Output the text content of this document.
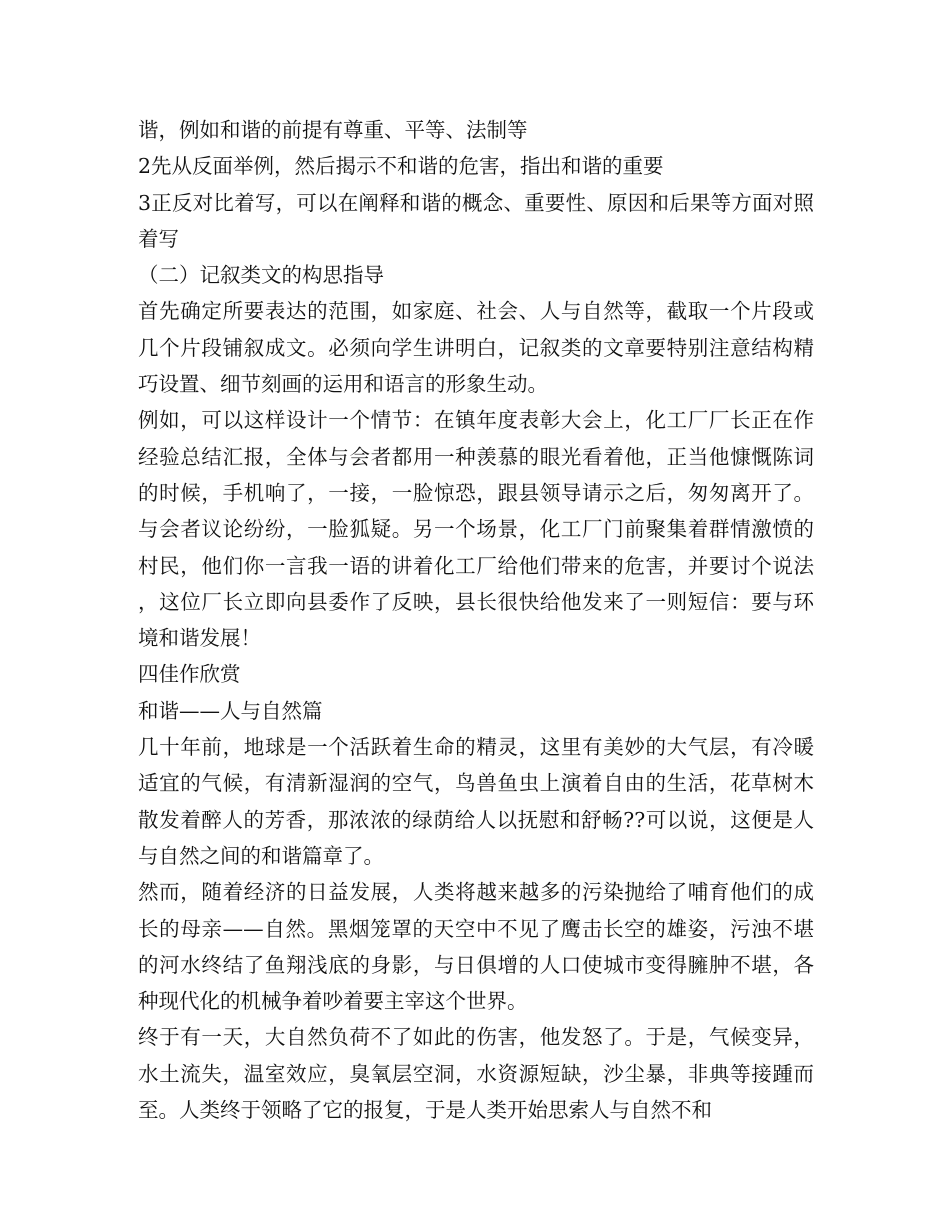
谐，例如和谐的前提有尊重、平等、法制等

2先从反面举例，然后揭示不和谐的危害，指出和谐的重要

3正反对比着写，可以在阐释和谐的概念、重要性、原因和后果等方面对照着写

（二）记叙类文的构思指导

首先确定所要表达的范围，如家庭、社会、人与自然等，截取一个片段或几个片段铺叙成文。必须向学生讲明白，记叙类的文章要特别注意结构精巧设置、细节刻画的运用和语言的形象生动。

例如，可以这样设计一个情节：在镇年度表彰大会上，化工厂厂长正在作经验总结汇报，全体与会者都用一种羡慕的眼光看着他，正当他慷慨陈词的时候，手机响了，一接，一脸惊恐，跟县领导请示之后，匆匆离开了。与会者议论纷纷，一脸狐疑。另一个场景，化工厂门前聚集着群情激愤的村民，他们你一言我一语的讲着化工厂给他们带来的危害，并要讨个说法，这位厂长立即向县委作了反映，县长很快给他发来了一则短信：要与环境和谐发展！

四佳作欣赏

和谐——人与自然篇

几十年前，地球是一个活跃着生命的精灵，这里有美妙的大气层，有冷暖适宜的气候，有清新湿润的空气，鸟兽鱼虫上演着自由的生活，花草树木散发着醉人的芳香，那浓浓的绿荫给人以抚慰和舒畅??可以说，这便是人与自然之间的和谐篇章了。

然而，随着经济的日益发展，人类将越来越多的污染抛给了哺育他们的成长的母亲——自然。黑烟笼罩的天空中不见了鹰击长空的雄姿，污浊不堪的河水终结了鱼翔浅底的身影，与日俱增的人口使城市变得臃肿不堪，各种现代化的机械争着吵着要主宰这个世界。

终于有一天，大自然负荷不了如此的伤害，他发怒了。于是，气候变异，水土流失，温室效应，臭氧层空洞，水资源短缺，沙尘暴，非典等接踵而至。人类终于领略了它的报复，于是人类开始思索人与自然不和
